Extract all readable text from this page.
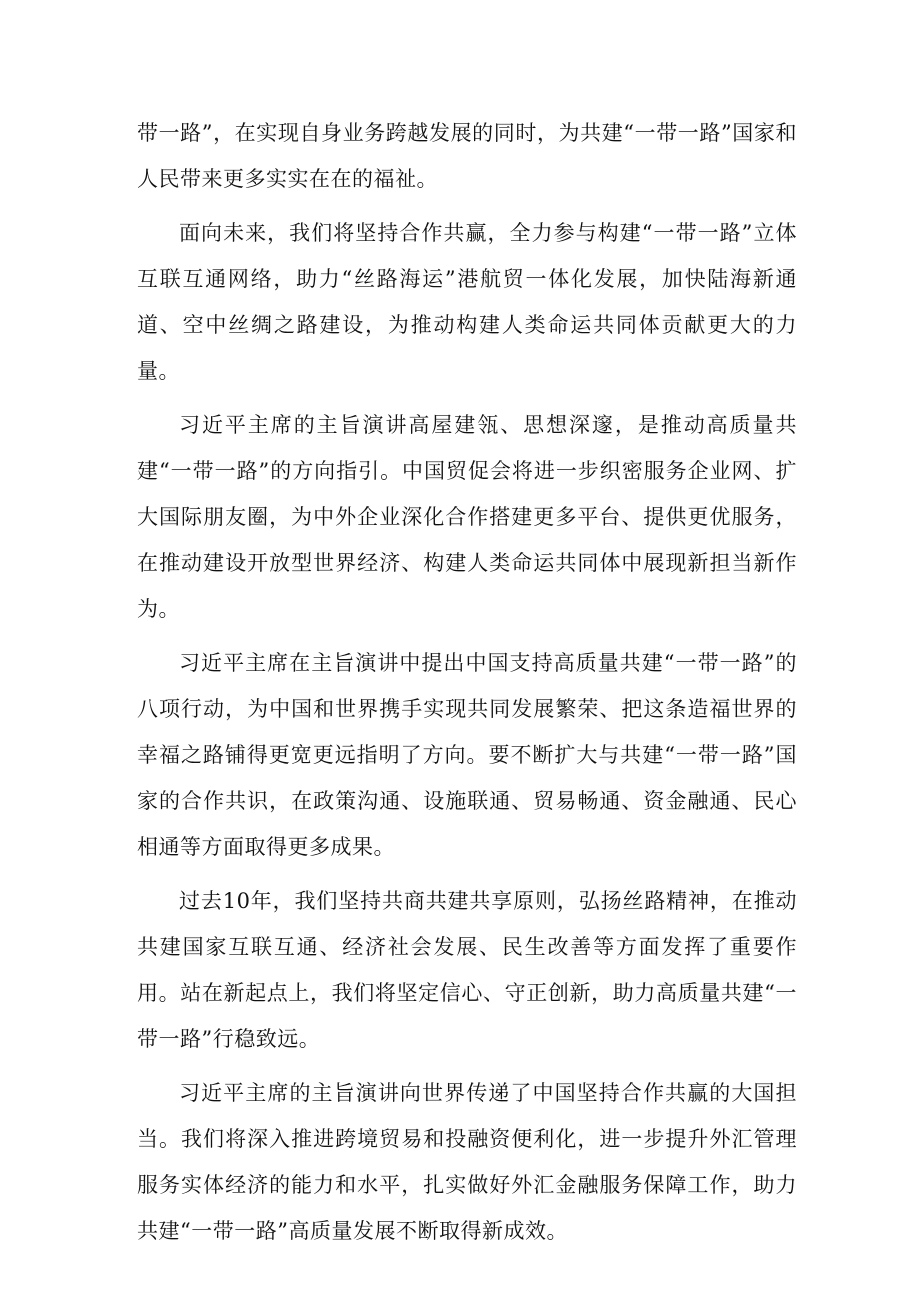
带一路”，在实现自身业务跨越发展的同时，为共建“一带一路”国家和人民带来更多实实在在的福祉。

面向未来，我们将坚持合作共赢，全力参与构建“一带一路”立体互联互通网络，助力“丝路海运”港航贸一体化发展，加快陆海新通道、空中丝绸之路建设，为推动构建人类命运共同体贡献更大的力量。

习近平主席的主旨演讲高屋建瓴、思想深邃，是推动高质量共建“一带一路”的方向指引。中国贸促会将进一步织密服务企业网、扩大国际朋友圈，为中外企业深化合作搭建更多平台、提供更优服务，在推动建设开放型世界经济、构建人类命运共同体中展现新担当新作为。

习近平主席在主旨演讲中提出中国支持高质量共建“一带一路”的八项行动，为中国和世界携手实现共同发展繁荣、把这条造福世界的幸福之路铺得更宽更远指明了方向。要不断扩大与共建“一带一路”国家的合作共识，在政策沟通、设施联通、贸易畅通、资金融通、民心相通等方面取得更多成果。

过去10年，我们坚持共商共建共享原则，弘扬丝路精神，在推动共建国家互联互通、经济社会发展、民生改善等方面发挥了重要作用。站在新起点上，我们将坚定信心、守正创新，助力高质量共建“一带一路”行稳致远。

习近平主席的主旨演讲向世界传递了中国坚持合作共赢的大国担当。我们将深入推进跨境贸易和投融资便利化，进一步提升外汇管理服务实体经济的能力和水平，扎实做好外汇金融服务保障工作，助力共建“一带一路”高质量发展不断取得新成效。
